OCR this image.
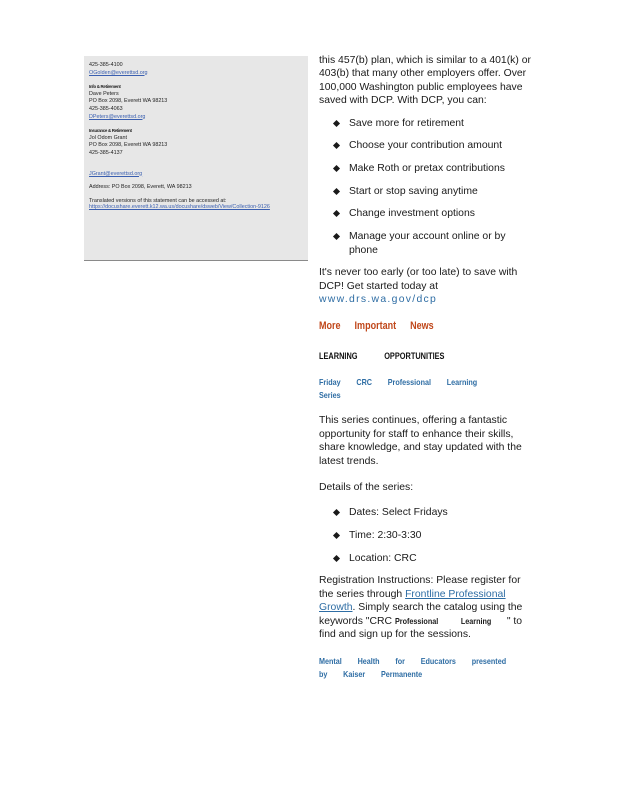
425-385-4100
OGolden@everettsd.org
Info & Retirement
Dave Peters
PO Box 2098, Everett WA 98213
425-385-4063
DPeters@everettsd.org
Insurance & Retirement
Jol Odom Grant
PO Box 2098, Everett WA 98213
425-385-4137
JGrant@everettsd.org
Address: PO Box 2098, Everett, WA 98213
Translated versions of this statement can be accessed at:
https://docushare.everett.k12.wa.us/docushare/dsweb/View/Collection-9126

this 457(b) plan, which is similar to a 401(k) or 403(b) that many other employers offer. Over 100,000 Washington public employees have saved with DCP. With DCP, you can:

Save more for retirement
Choose your contribution amount
Make Roth or pretax contributions
Start or stop saving anytime
Change investment options
Manage your account online or by phone

It's never too early (or too late) to save with DCP! Get started today at www.drs.wa.gov/dcp

More Important News
LEARNING OPPORTUNITIES
Friday CRC Professional Learning Series

This series continues, offering a fantastic opportunity for staff to enhance their skills, share knowledge, and stay updated with the latest trends.

Details of the series:

Dates: Select Fridays
Time: 2:30-3:30
Location: CRC

Registration Instructions: Please register for the series through Frontline Professional Growth. Simply search the catalog using the keywords "CRC Professional Learning " to find and sign up for the sessions.

Mental Health for Educators presented by Kaiser Permanente
